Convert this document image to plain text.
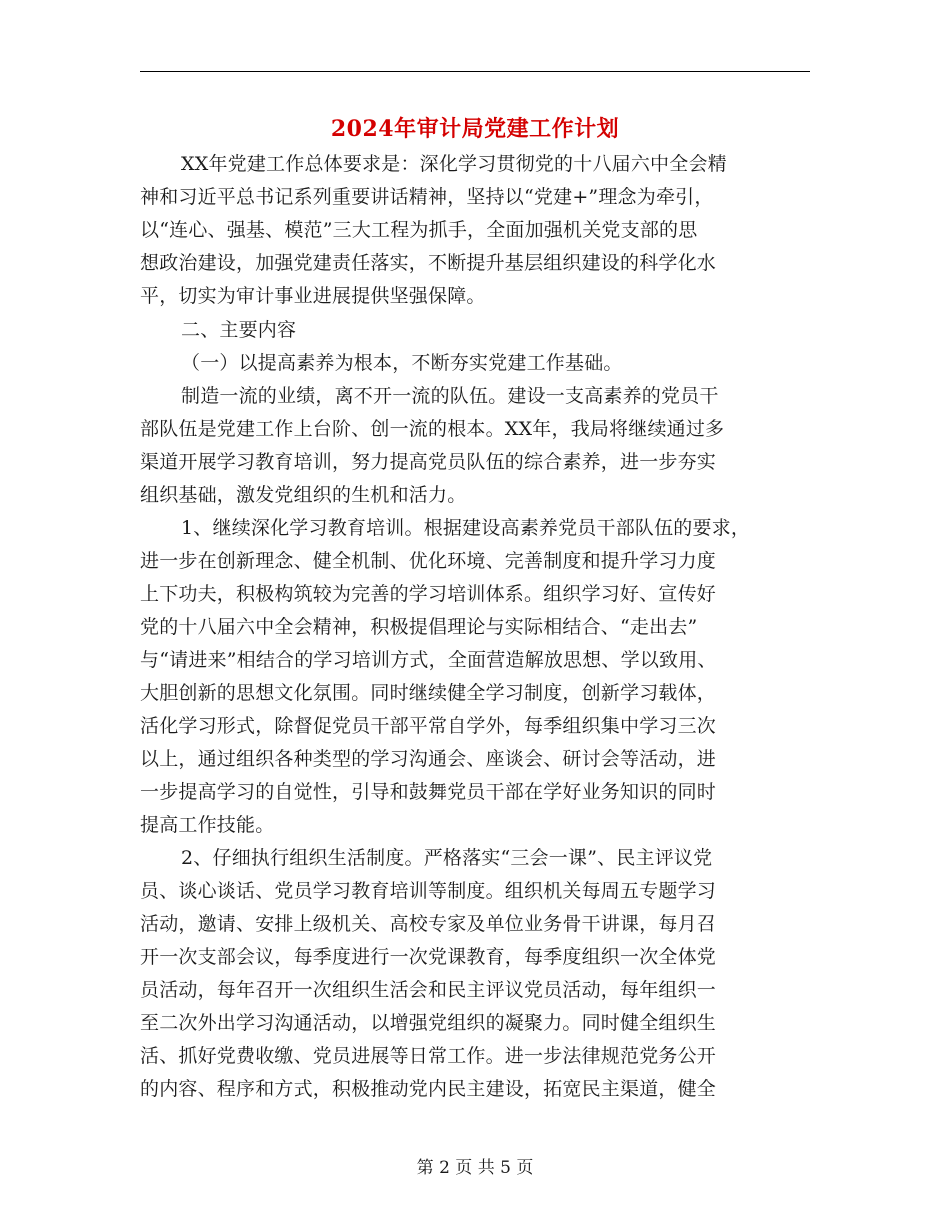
2024年审计局党建工作计划
XX年党建工作总体要求是：深化学习贯彻党的十八届六中全会精
神和习近平总书记系列重要讲话精神，坚持以“党建+”理念为牵引，
以“连心、强基、模范”三大工程为抓手，全面加强机关党支部的思
想政治建设，加强党建责任落实，不断提升基层组织建设的科学化水
平，切实为审计事业进展提供坚强保障。
二、主要内容
（一）以提高素养为根本，不断夯实党建工作基础。
制造一流的业绩，离不开一流的队伍。建设一支高素养的党员干
部队伍是党建工作上台阶、创一流的根本。XX年，我局将继续通过多
渠道开展学习教育培训，努力提高党员队伍的综合素养，进一步夯实
组织基础，激发党组织的生机和活力。
1、继续深化学习教育培训。根据建设高素养党员干部队伍的要求，
进一步在创新理念、健全机制、优化环境、完善制度和提升学习力度
上下功夫，积极构筑较为完善的学习培训体系。组织学习好、宣传好
党的十八届六中全会精神，积极提倡理论与实际相结合、“走出去”
与“请进来”相结合的学习培训方式，全面营造解放思想、学以致用、
大胆创新的思想文化氛围。同时继续健全学习制度，创新学习载体，
活化学习形式，除督促党员干部平常自学外，每季组织集中学习三次
以上，通过组织各种类型的学习沟通会、座谈会、研讨会等活动，进
一步提高学习的自觉性，引导和鼓舞党员干部在学好业务知识的同时
提高工作技能。
2、仔细执行组织生活制度。严格落实“三会一课”、民主评议党
员、谈心谈话、党员学习教育培训等制度。组织机关每周五专题学习
活动，邀请、安排上级机关、高校专家及单位业务骨干讲课，每月召
开一次支部会议，每季度进行一次党课教育，每季度组织一次全体党
员活动，每年召开一次组织生活会和民主评议党员活动，每年组织一
至二次外出学习沟通活动，以增强党组织的凝聚力。同时健全组织生
活、抓好党费收缴、党员进展等日常工作。进一步法律规范党务公开
的内容、程序和方式，积极推动党内民主建设，拓宽民主渠道，健全
第 2 页 共 5 页
